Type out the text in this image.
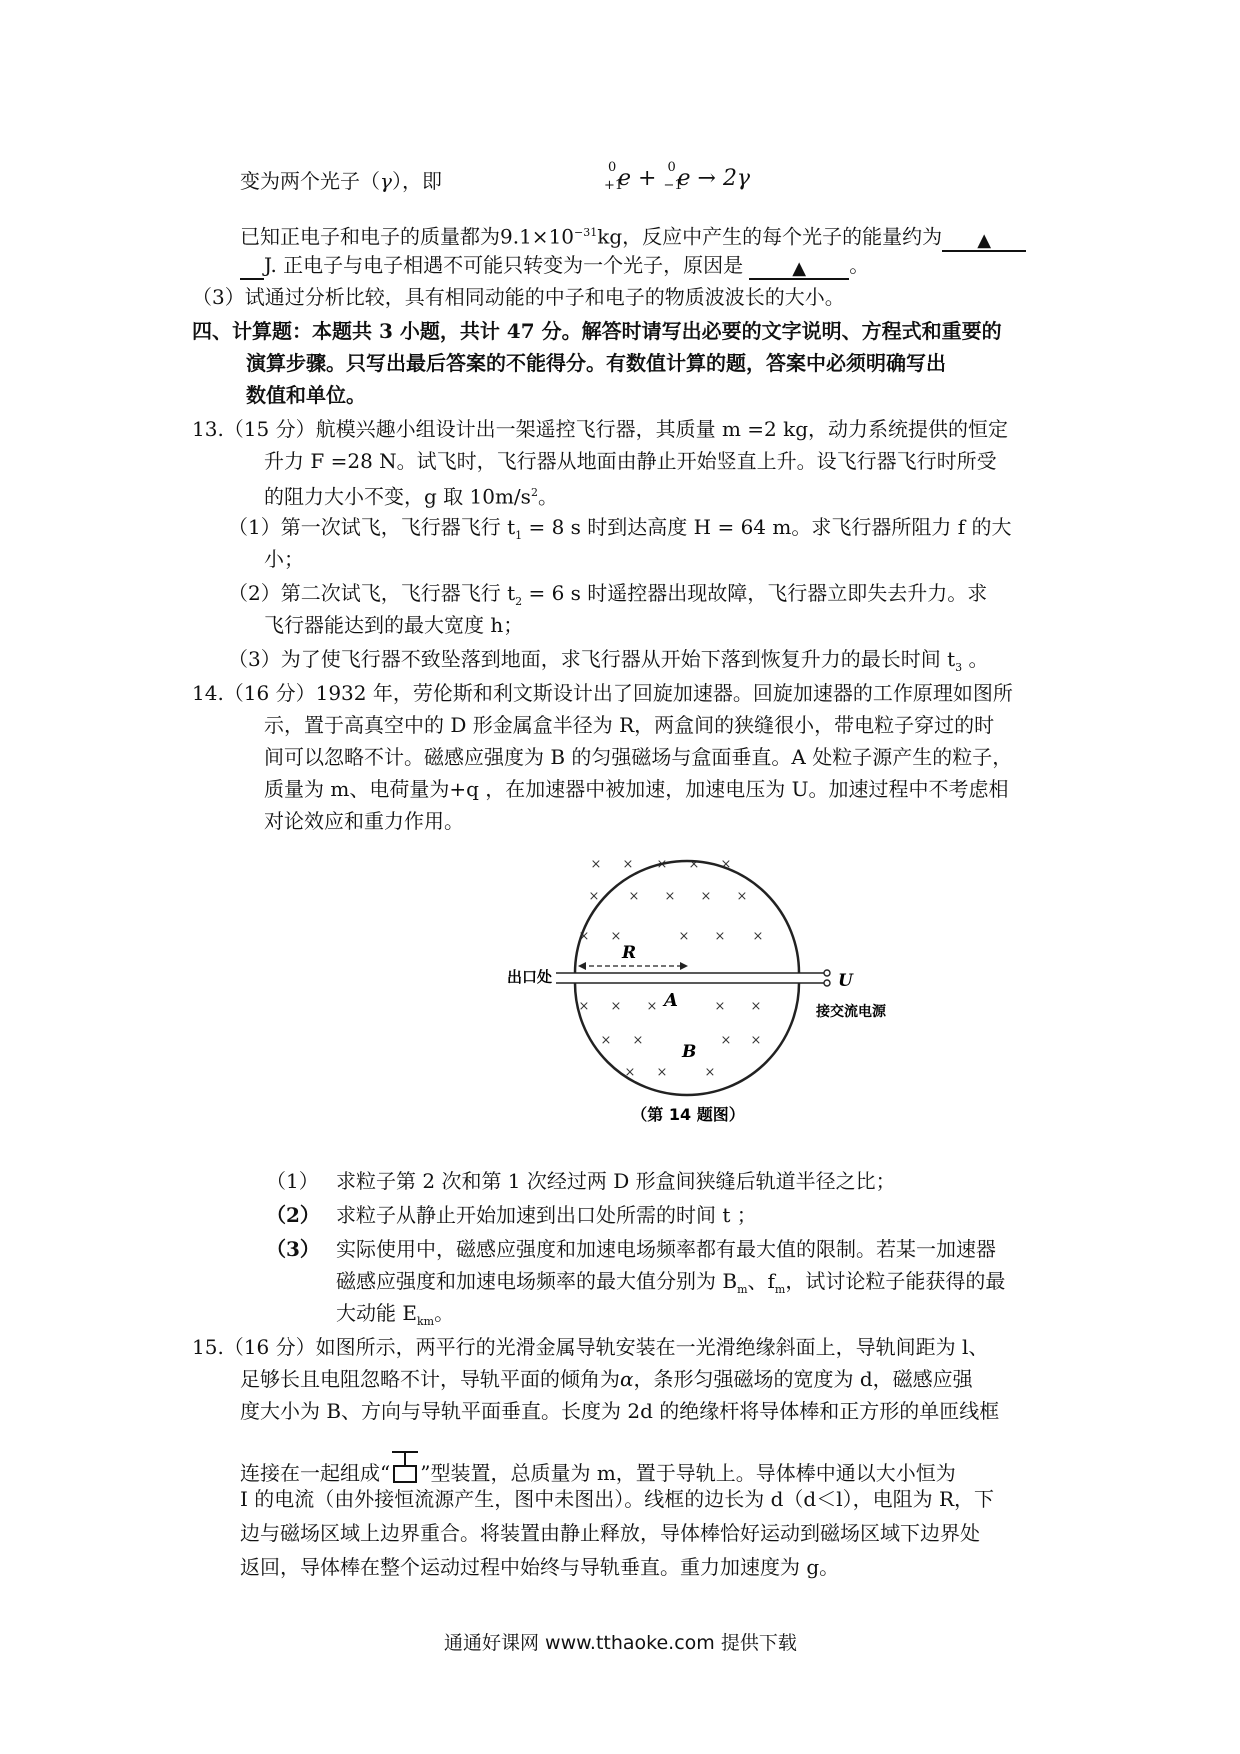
变为两个光子（γ），即
0
+1
e + 0
−1
e → 2γ
已知正电子和电子的质量都为$9.1\times 10^{-31}kg$，反应中产生的每个光子的能量约为 ▲
J. 正电子与电子相遇不可能只转变为一个光子，原因是	▲ 。
（3）试通过分析比较，具有相同动能的中子和电子的物质波波长的大小。
四、计算题：本题共 3 小题，共计 47 分。解答时请写出必要的文字说明、方程式和重要的
演算步骤。只写出最后答案的不能得分。有数值计算的题，答案中必须明确写出
数值和单位。
13.（15 分）航模兴趣小组设计出一架遥控飞行器，其质量 m =2 kg，动力系统提供的恒定
升力 F =28 N。试飞时，飞行器从地面由静止开始竖直上升。设飞行器飞行时所受
的阻力大小不变，g 取 $10m/s^2$。
（1）第一次试飞，飞行器飞行 $t_1 = 8$ s 时到达高度 H = 64 m。求飞行器所阻力 f 的大
小；
（2）第二次试飞，飞行器飞行 $t_2 = 6$ s 时遥控器出现故障，飞行器立即失去升力。求
飞行器能达到的最大宽度 h；
（3）为了使飞行器不致坠落到地面，求飞行器从开始下落到恢复升力的最长时间 $t_3$ 。
14.（16 分）1932 年，劳伦斯和利文斯设计出了回旋加速器。回旋加速器的工作原理如图所
示，置于高真空中的 D 形金属盒半径为 R，两盒间的狭缝很小，带电粒子穿过的时
间可以忽略不计。磁感应强度为 B 的匀强磁场与盒面垂直。A 处粒子源产生的粒子，
质量为 m、电荷量为+q ，在加速器中被加速，加速电压为 U。加速过程中不考虑相
对论效应和重力作用。
× × × × ×
× × × × ×
× ×	× × ×
× × ×	× ×
× ×	× ×
× ×	×
出口处
R
A
B
U
接交流电源
（第 14 题图）
（1） 求粒子第 2 次和第 1 次经过两 D 形盒间狭缝后轨道半径之比；
（2） 求粒子从静止开始加速到出口处所需的时间 t ；
（3） 实际使用中，磁感应强度和加速电场频率都有最大值的限制。若某一加速器
磁感应强度和加速电场频率的最大值分别为 $B_m$、$f_m$，试讨论粒子能获得的最
大动能 $E_{km}$。
15.（16 分）如图所示，两平行的光滑金属导轨安装在一光滑绝缘斜面上，导轨间距为 l、
足够长且电阻忽略不计，导轨平面的倾角为α，条形匀强磁场的宽度为 d，磁感应强
度大小为 B、方向与导轨平面垂直。长度为 2d 的绝缘杆将导体棒和正方形的单匝线框
连接在一起组成“ ”型装置，总质量为 m，置于导轨上。导体棒中通以大小恒为
I 的电流（由外接恒流源产生，图中未图出）。线框的边长为 d（d＜l），电阻为 R，下
边与磁场区域上边界重合。将装置由静止释放，导体棒恰好运动到磁场区域下边界处
返回，导体棒在整个运动过程中始终与导轨垂直。重力加速度为 g。
通通好课网 www.tthaoke.com 提供下载
